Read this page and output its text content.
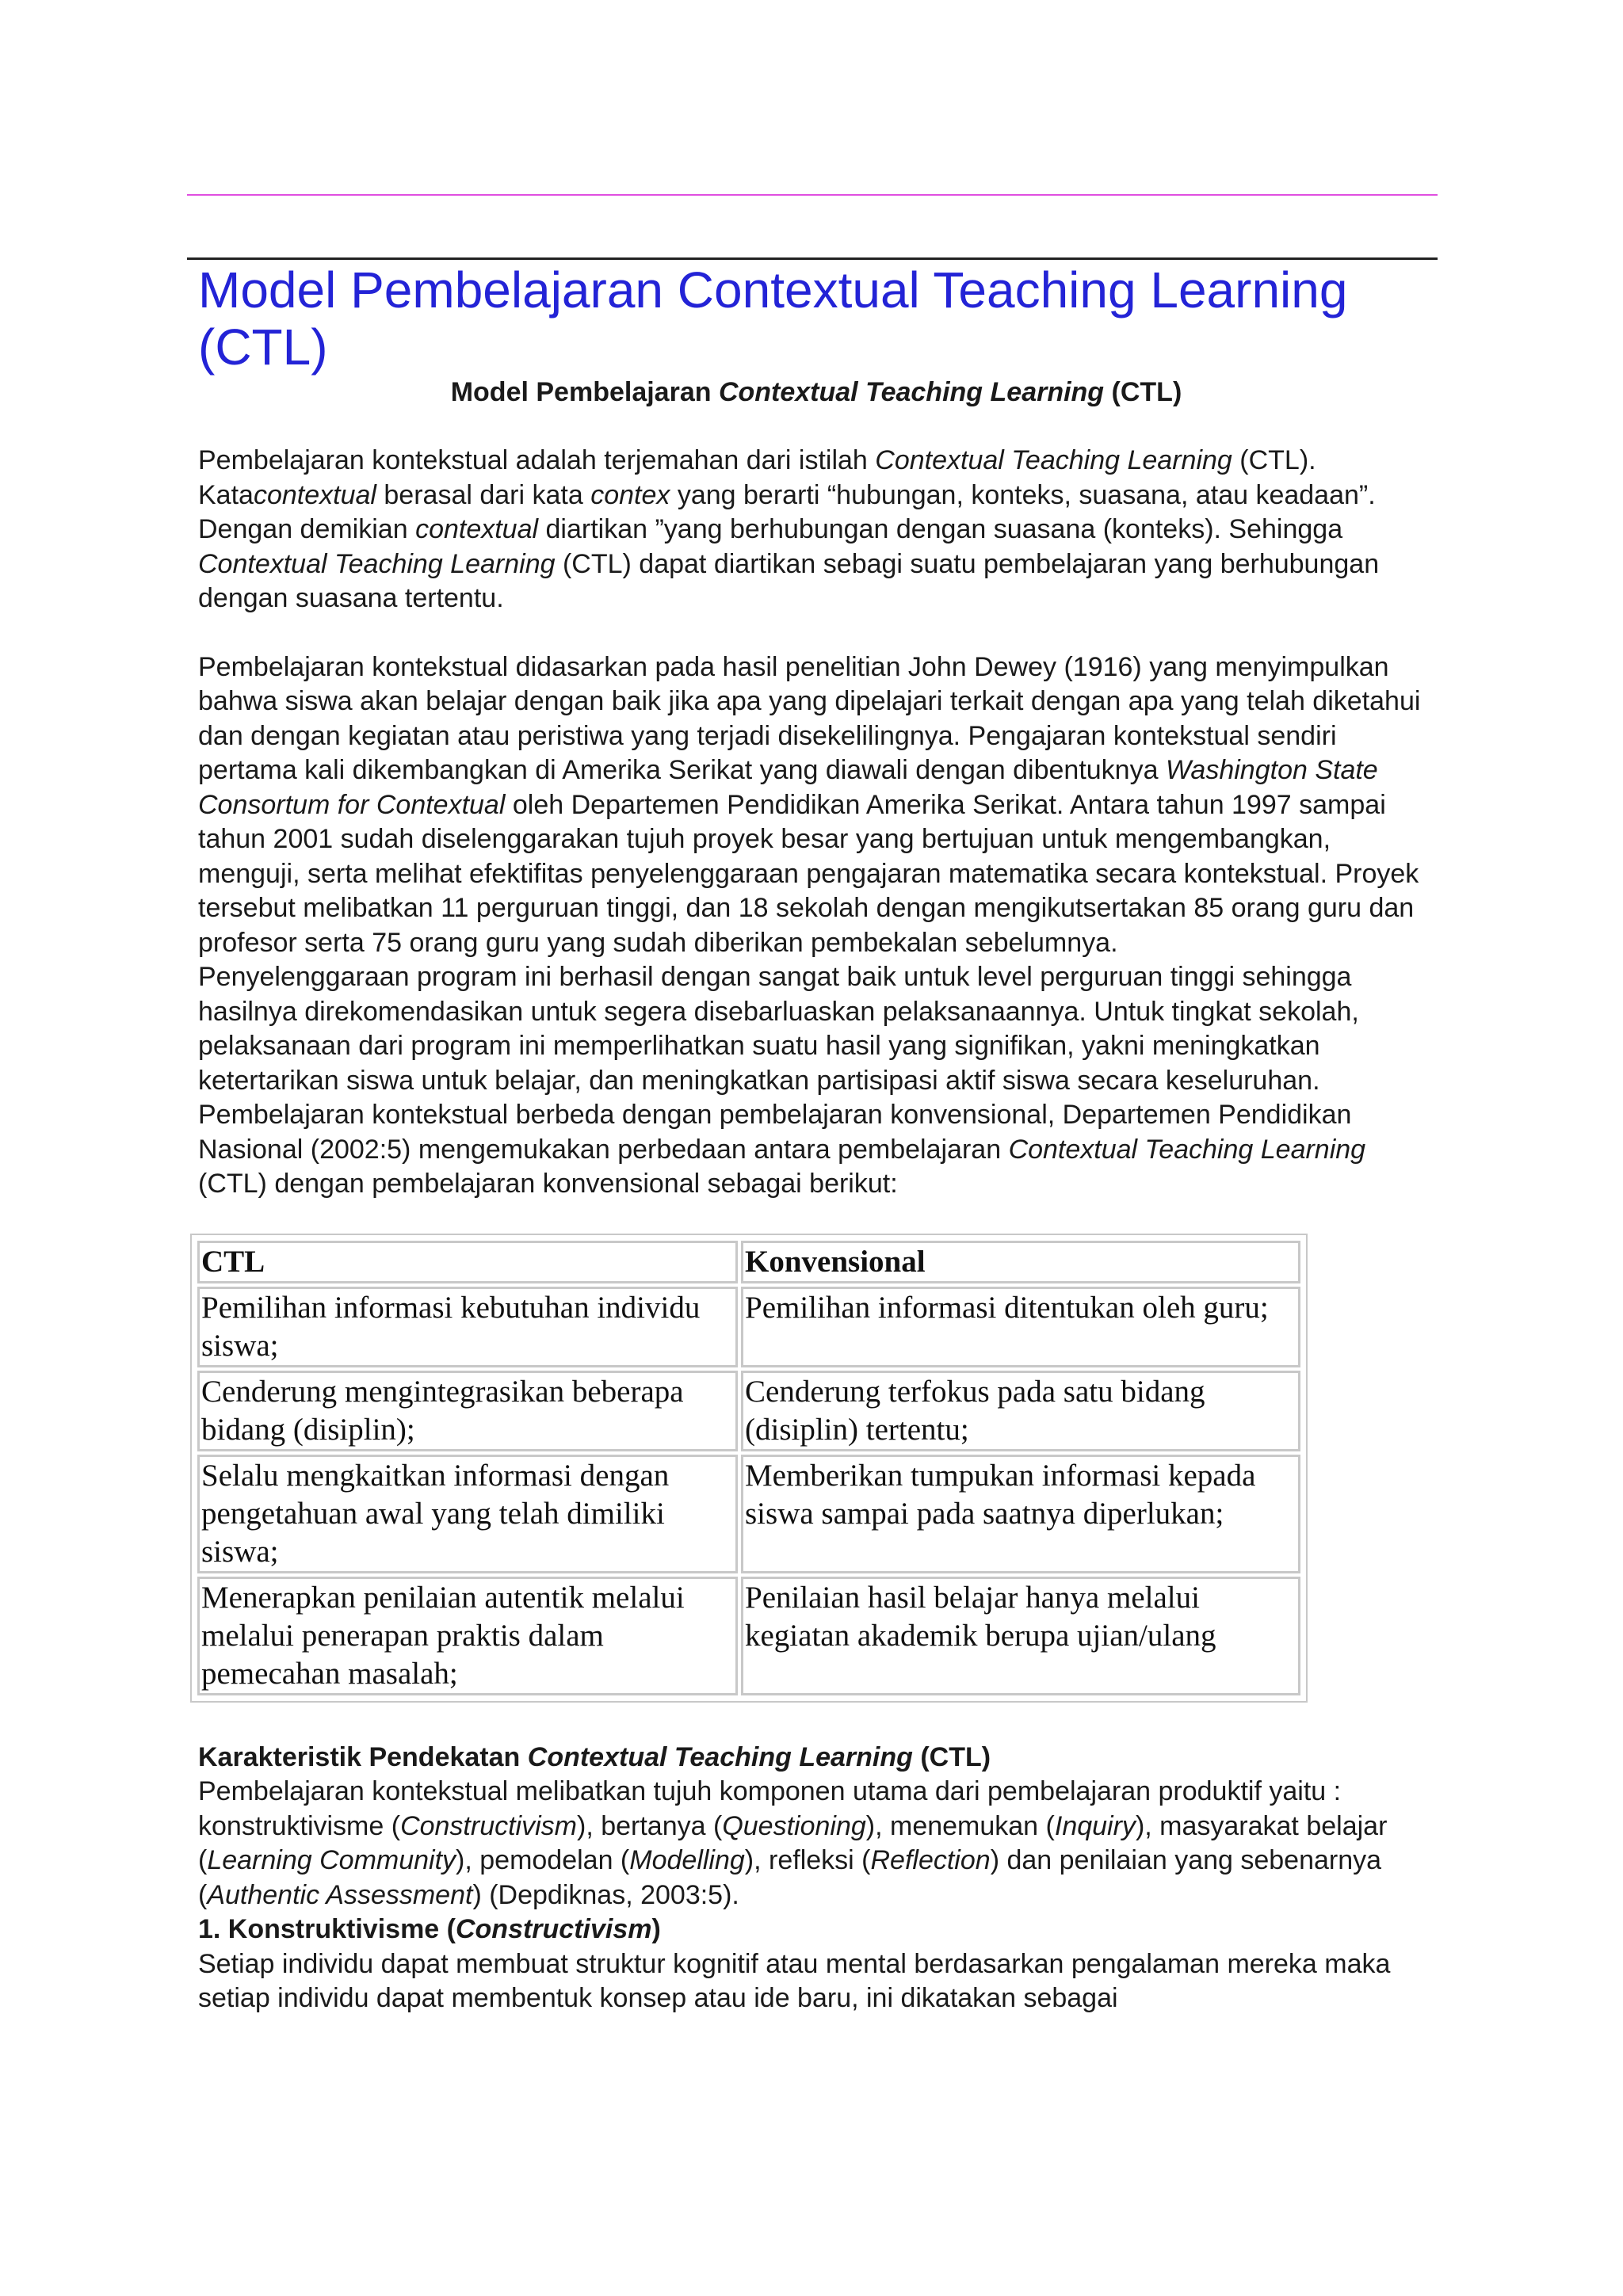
Model Pembelajaran Contextual Teaching Learning (CTL)

Model Pembelajaran Contextual Teaching Learning (CTL)

Pembelajaran kontekstual adalah terjemahan dari istilah Contextual Teaching Learning (CTL). Katacontextual berasal dari kata contex yang berarti “hubungan, konteks, suasana, atau keadaan”. Dengan demikian contextual diartikan ”yang berhubungan dengan suasana (konteks). Sehingga Contextual Teaching Learning (CTL) dapat diartikan sebagi suatu pembelajaran yang berhubungan dengan suasana tertentu.

Pembelajaran kontekstual didasarkan pada hasil penelitian John Dewey (1916) yang menyimpulkan bahwa siswa akan belajar dengan baik jika apa yang dipelajari terkait dengan apa yang telah diketahui dan dengan kegiatan atau peristiwa yang terjadi disekelilingnya. Pengajaran kontekstual sendiri pertama kali dikembangkan di Amerika Serikat yang diawali dengan dibentuknya Washington State Consortum for Contextual oleh Departemen Pendidikan Amerika Serikat. Antara tahun 1997 sampai tahun 2001 sudah diselenggarakan tujuh proyek besar yang bertujuan untuk mengembangkan, menguji, serta melihat efektifitas penyelenggaraan pengajaran matematika secara kontekstual. Proyek tersebut melibatkan 11 perguruan tinggi, dan 18 sekolah dengan mengikutsertakan 85 orang guru dan profesor serta 75 orang guru yang sudah diberikan pembekalan sebelumnya.

Penyelenggaraan program ini berhasil dengan sangat baik untuk level perguruan tinggi sehingga hasilnya direkomendasikan untuk segera disebarluaskan pelaksanaannya. Untuk tingkat sekolah, pelaksanaan dari program ini memperlihatkan suatu hasil yang signifikan, yakni meningkatkan ketertarikan siswa untuk belajar, dan meningkatkan partisipasi aktif siswa secara keseluruhan.

Pembelajaran kontekstual berbeda dengan pembelajaran konvensional, Departemen Pendidikan Nasional (2002:5) mengemukakan perbedaan antara pembelajaran Contextual Teaching Learning (CTL) dengan pembelajaran konvensional sebagai berikut:

CTL	Konvensional
Pemilihan informasi kebutuhan individu siswa;	Pemilihan informasi ditentukan oleh guru;
Cenderung mengintegrasikan beberapa bidang (disiplin);	Cenderung terfokus pada satu bidang (disiplin) tertentu;
Selalu mengkaitkan informasi dengan pengetahuan awal yang telah dimiliki siswa;	Memberikan tumpukan informasi kepada siswa sampai pada saatnya diperlukan;
Menerapkan penilaian autentik melalui melalui penerapan praktis dalam pemecahan masalah;	Penilaian hasil belajar hanya melalui kegiatan akademik berupa ujian/ulang

Karakteristik Pendekatan Contextual Teaching Learning (CTL)

Pembelajaran kontekstual melibatkan tujuh komponen utama dari pembelajaran produktif yaitu : konstruktivisme (Constructivism), bertanya (Questioning), menemukan (Inquiry), masyarakat belajar (Learning Community), pemodelan (Modelling), refleksi (Reflection) dan penilaian yang sebenarnya (Authentic Assessment) (Depdiknas, 2003:5).

1. Konstruktivisme (Constructivism)

Setiap individu dapat membuat struktur kognitif atau mental berdasarkan pengalaman mereka maka setiap individu dapat membentuk konsep atau ide baru, ini dikatakan sebagai
